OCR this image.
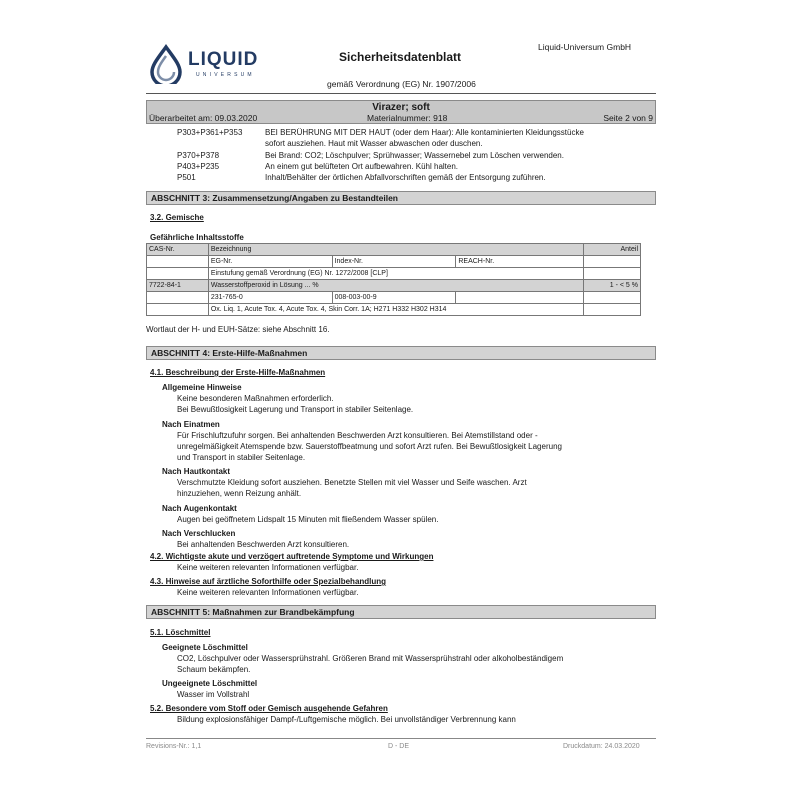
LIQUID
UNIVERSUM
Sicherheitsdatenblatt
Liquid-Universum GmbH
gemäß Verordnung (EG) Nr. 1907/2006
Virazer; soft
Überarbeitet am: 09.03.2020	Materialnummer: 918	Seite 2 von 9
P303+P361+P353	BEI BERÜHRUNG MIT DER HAUT (oder dem Haar): Alle kontaminierten Kleidungsstücke
sofort ausziehen. Haut mit Wasser abwaschen oder duschen.
P370+P378	Bei Brand: CO2; Löschpulver; Sprühwasser; Wassernebel zum Löschen verwenden.
P403+P235	An einem gut belüfteten Ort aufbewahren. Kühl halten.
P501	Inhalt/Behälter der örtlichen Abfallvorschriften gemäß der Entsorgung zuführen.
ABSCHNITT 3: Zusammensetzung/Angaben zu Bestandteilen
3.2. Gemische
Gefährliche Inhaltsstoffe
CAS-Nr.	Bezeichnung			Anteil
	EG-Nr.	Index-Nr.	REACH-Nr.	
	Einstufung gemäß Verordnung (EG) Nr. 1272/2008 [CLP]			
7722-84-1	Wasserstoffperoxid in Lösung ... %			1 - < 5 %
	231-765-0	008-003-00-9		
	Ox. Liq. 1, Acute Tox. 4, Acute Tox. 4, Skin Corr. 1A; H271 H332 H302 H314			
Wortlaut der H- und EUH-Sätze: siehe Abschnitt 16.
ABSCHNITT 4: Erste-Hilfe-Maßnahmen
4.1. Beschreibung der Erste-Hilfe-Maßnahmen
Allgemeine Hinweise
Keine besonderen Maßnahmen erforderlich.
Bei Bewußtlosigkeit Lagerung und Transport in stabiler Seitenlage.
Nach Einatmen
Für Frischluftzufuhr sorgen. Bei anhaltenden Beschwerden Arzt konsultieren. Bei Atemstillstand oder -
unregelmäßigkeit Atemspende bzw. Sauerstoffbeatmung und sofort Arzt rufen. Bei Bewußtlosigkeit Lagerung
und Transport in stabiler Seitenlage.
Nach Hautkontakt
Verschmutzte Kleidung sofort ausziehen. Benetzte Stellen mit viel Wasser und Seife waschen. Arzt
hinzuziehen, wenn Reizung anhält.
Nach Augenkontakt
Augen bei geöffnetem Lidspalt 15 Minuten mit fließendem Wasser spülen.
Nach Verschlucken
Bei anhaltenden Beschwerden Arzt konsultieren.
4.2. Wichtigste akute und verzögert auftretende Symptome und Wirkungen
Keine weiteren relevanten Informationen verfügbar.
4.3. Hinweise auf ärztliche Soforthilfe oder Spezialbehandlung
Keine weiteren relevanten Informationen verfügbar.
ABSCHNITT 5: Maßnahmen zur Brandbekämpfung
5.1. Löschmittel
Geeignete Löschmittel
CO2, Löschpulver oder Wassersprühstrahl. Größeren Brand mit Wassersprühstrahl oder alkoholbeständigem
Schaum bekämpfen.
Ungeeignete Löschmittel
Wasser im Vollstrahl
5.2. Besondere vom Stoff oder Gemisch ausgehende Gefahren
Bildung explosionsfähiger Dampf-/Luftgemische möglich. Bei unvollständiger Verbrennung kann
Revisions-Nr.: 1,1	D - DE	Druckdatum: 24.03.2020
